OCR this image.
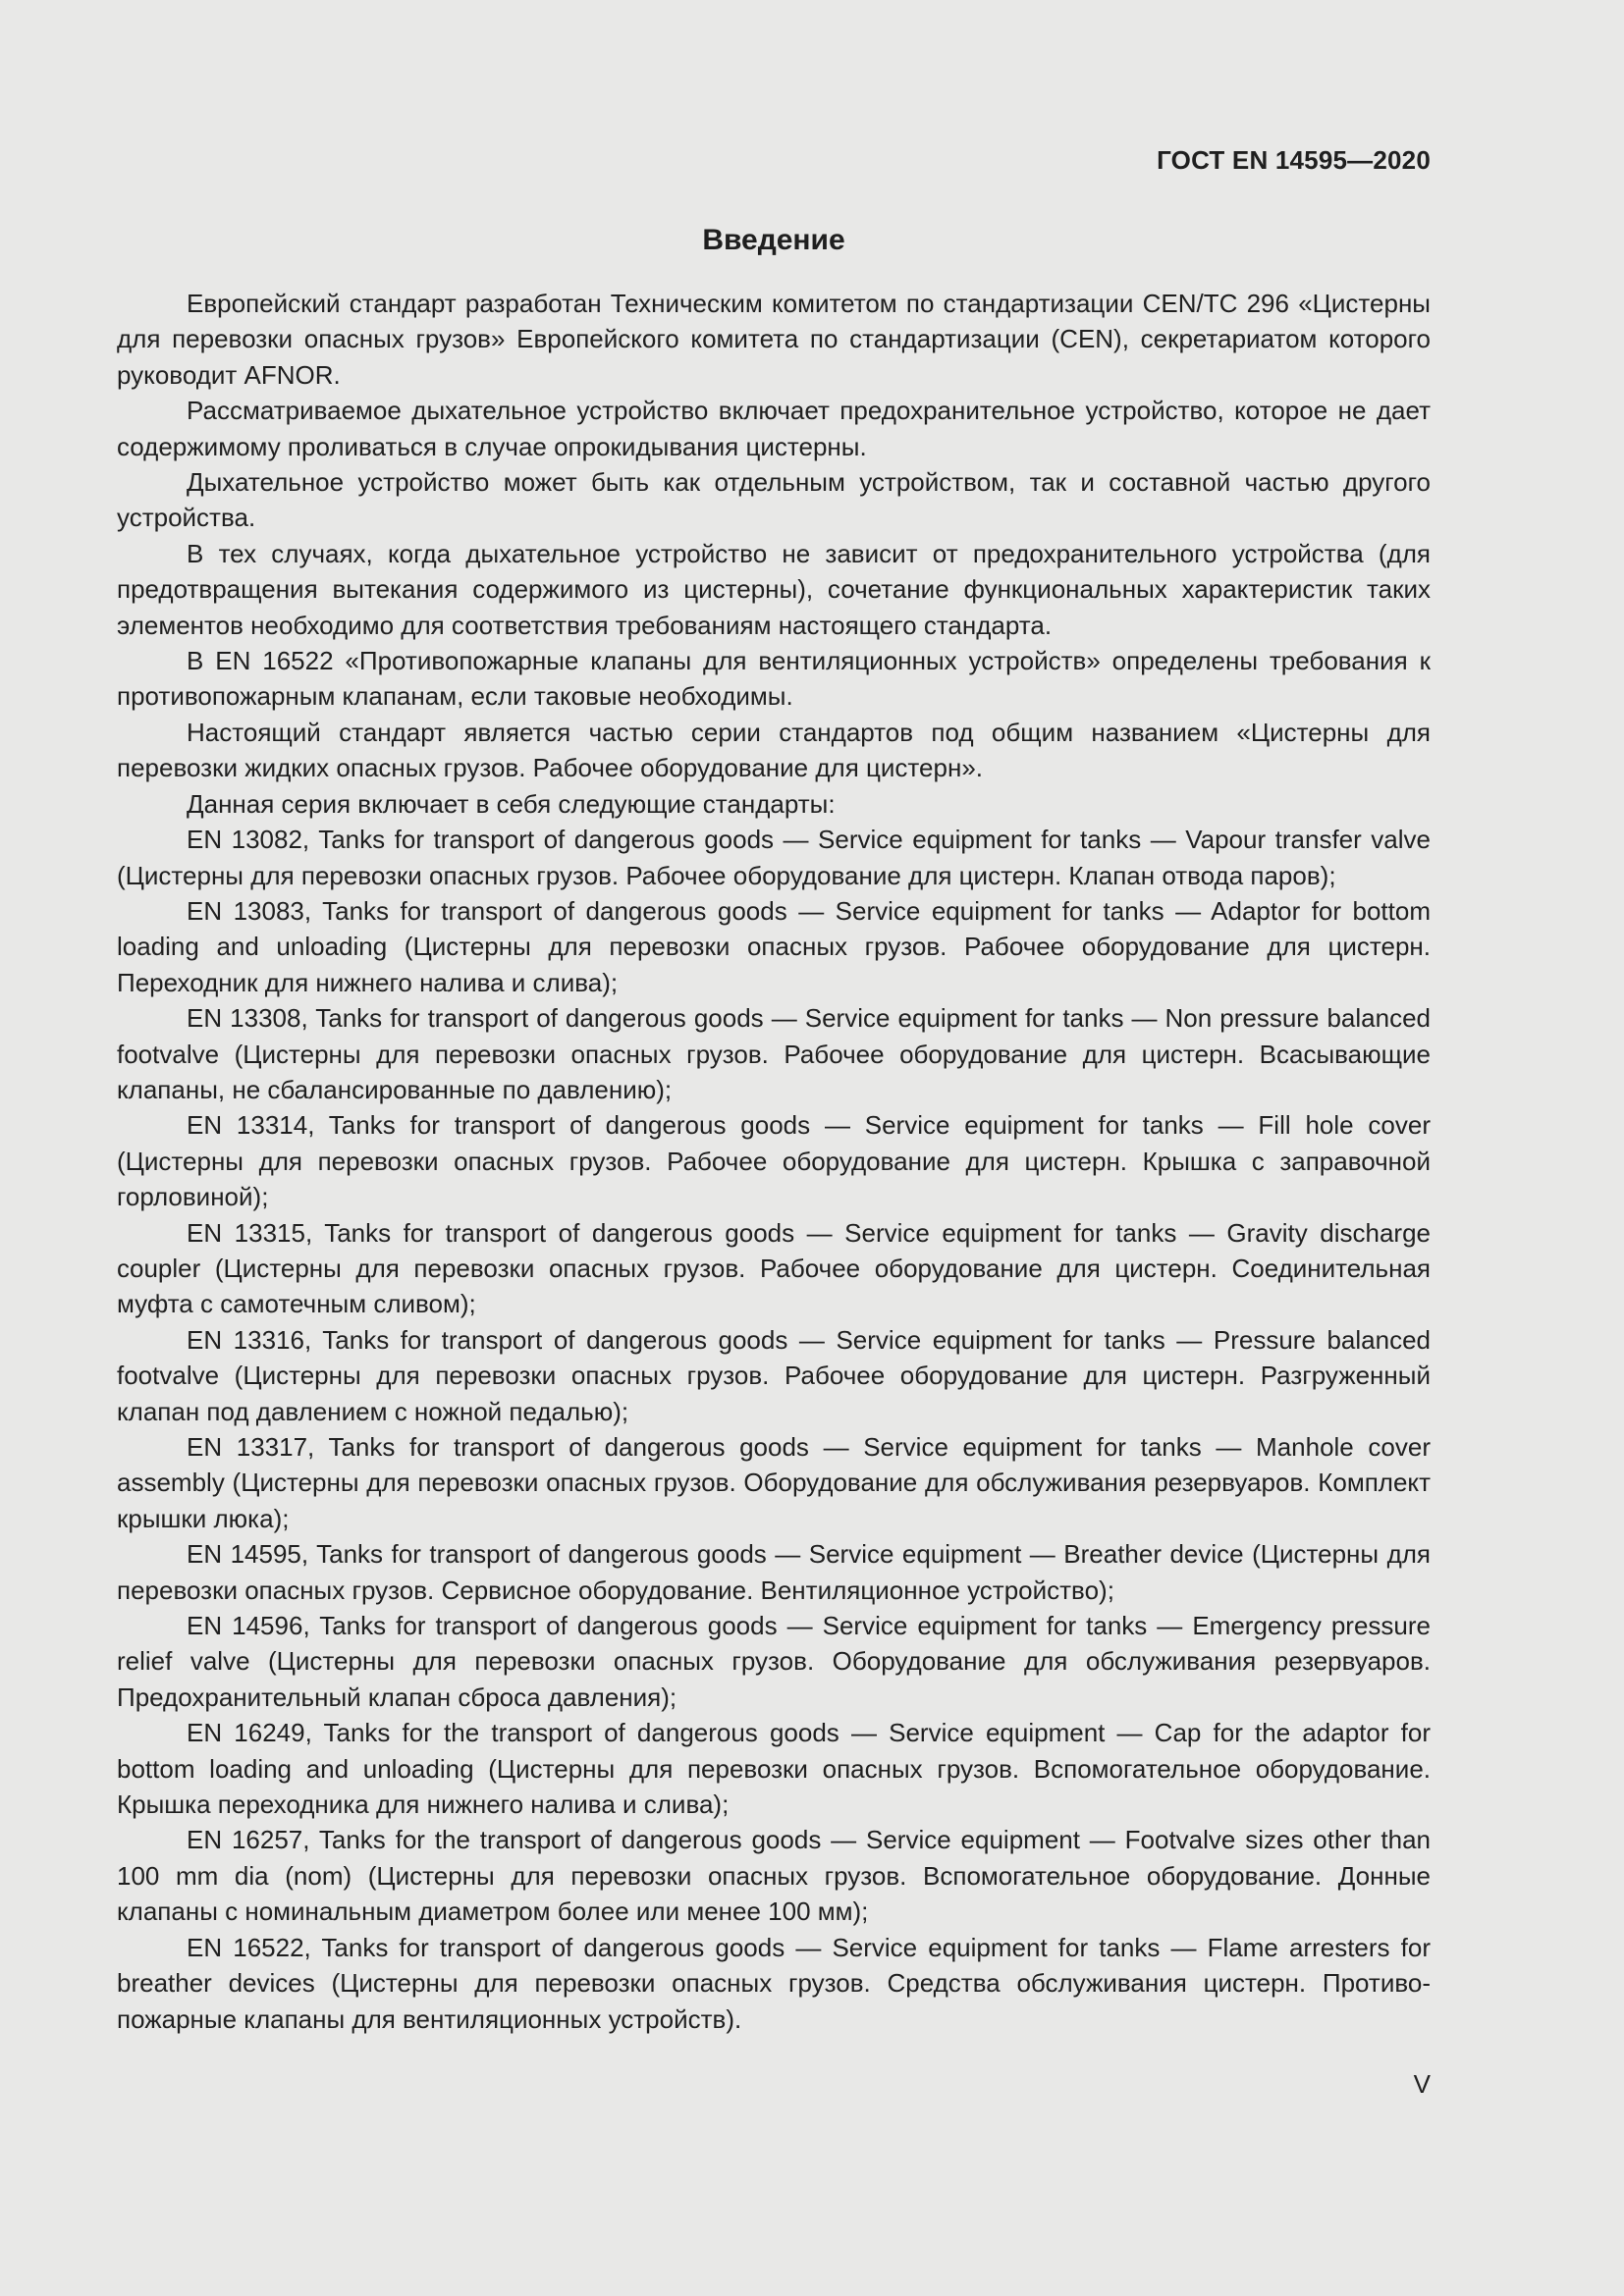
ГОСТ EN 14595—2020
Введение

Европейский стандарт разработан Техническим комитетом по стандартизации CEN/TC 296 «Цистерны для перевозки опасных грузов» Европейского комитета по стандартизации (CEN), секретариатом которого руководит AFNOR.

Рассматриваемое дыхательное устройство включает предохранительное устройство, которое не дает содержимому проливаться в случае опрокидывания цистерны.

Дыхательное устройство может быть как отдельным устройством, так и составной частью другого устройства.

В тех случаях, когда дыхательное устройство не зависит от предохранительного устройства (для предотвращения вытекания содержимого из цистерны), сочетание функциональных характеристик таких элементов необходимо для соответствия требованиям настоящего стандарта.

В EN 16522 «Противопожарные клапаны для вентиляционных устройств» определены требования к противопожарным клапанам, если таковые необходимы.

Настоящий стандарт является частью серии стандартов под общим названием «Цистерны для перевозки жидких опасных грузов. Рабочее оборудование для цистерн».

Данная серия включает в себя следующие стандарты:

EN 13082, Tanks for transport of dangerous goods — Service equipment for tanks — Vapour transfer valve (Цистерны для перевозки опасных грузов. Рабочее оборудование для цистерн. Клапан отвода паров);

EN 13083, Tanks for transport of dangerous goods — Service equipment for tanks — Adaptor for bottom loading and unloading (Цистерны для перевозки опасных грузов. Рабочее оборудование для цистерн. Переходник для нижнего налива и слива);

EN 13308, Tanks for transport of dangerous goods — Service equipment for tanks — Non pressure balanced footvalve (Цистерны для перевозки опасных грузов. Рабочее оборудование для цистерн. Всасывающие клапаны, не сбалансированные по давлению);

EN 13314, Tanks for transport of dangerous goods — Service equipment for tanks — Fill hole cover (Цистерны для перевозки опасных грузов. Рабочее оборудование для цистерн. Крышка с заправочной горловиной);

EN 13315, Tanks for transport of dangerous goods — Service equipment for tanks — Gravity discharge coupler (Цистерны для перевозки опасных грузов. Рабочее оборудование для цистерн. Соединительная муфта с самотечным сливом);

EN 13316, Tanks for transport of dangerous goods — Service equipment for tanks — Pressure balanced footvalve (Цистерны для перевозки опасных грузов. Рабочее оборудование для цистерн. Разгруженный клапан под давлением с ножной педалью);

EN 13317, Tanks for transport of dangerous goods — Service equipment for tanks — Manhole cover assembly (Цистерны для перевозки опасных грузов. Оборудование для обслуживания резервуаров. Комплект крышки люка);

EN 14595, Tanks for transport of dangerous goods — Service equipment — Breather device (Цистерны для перевозки опасных грузов. Сервисное оборудование. Вентиляционное устройство);

EN 14596, Tanks for transport of dangerous goods — Service equipment for tanks — Emergency pressure relief valve (Цистерны для перевозки опасных грузов. Оборудование для обслуживания резервуаров. Предохранительный клапан сброса давления);

EN 16249, Tanks for the transport of dangerous goods — Service equipment — Cap for the adaptor for bottom loading and unloading (Цистерны для перевозки опасных грузов. Вспомогательное оборудование. Крышка переходника для нижнего налива и слива);

EN 16257, Tanks for the transport of dangerous goods — Service equipment — Footvalve sizes other than 100 mm dia (nom) (Цистерны для перевозки опасных грузов. Вспомогательное оборудование. Донные клапаны с номинальным диаметром более или менее 100 мм);

EN 16522, Tanks for transport of dangerous goods — Service equipment for tanks — Flame arresters for breather devices (Цистерны для перевозки опасных грузов. Средства обслуживания цистерн. Противопожарные клапаны для вентиляционных устройств).

V
